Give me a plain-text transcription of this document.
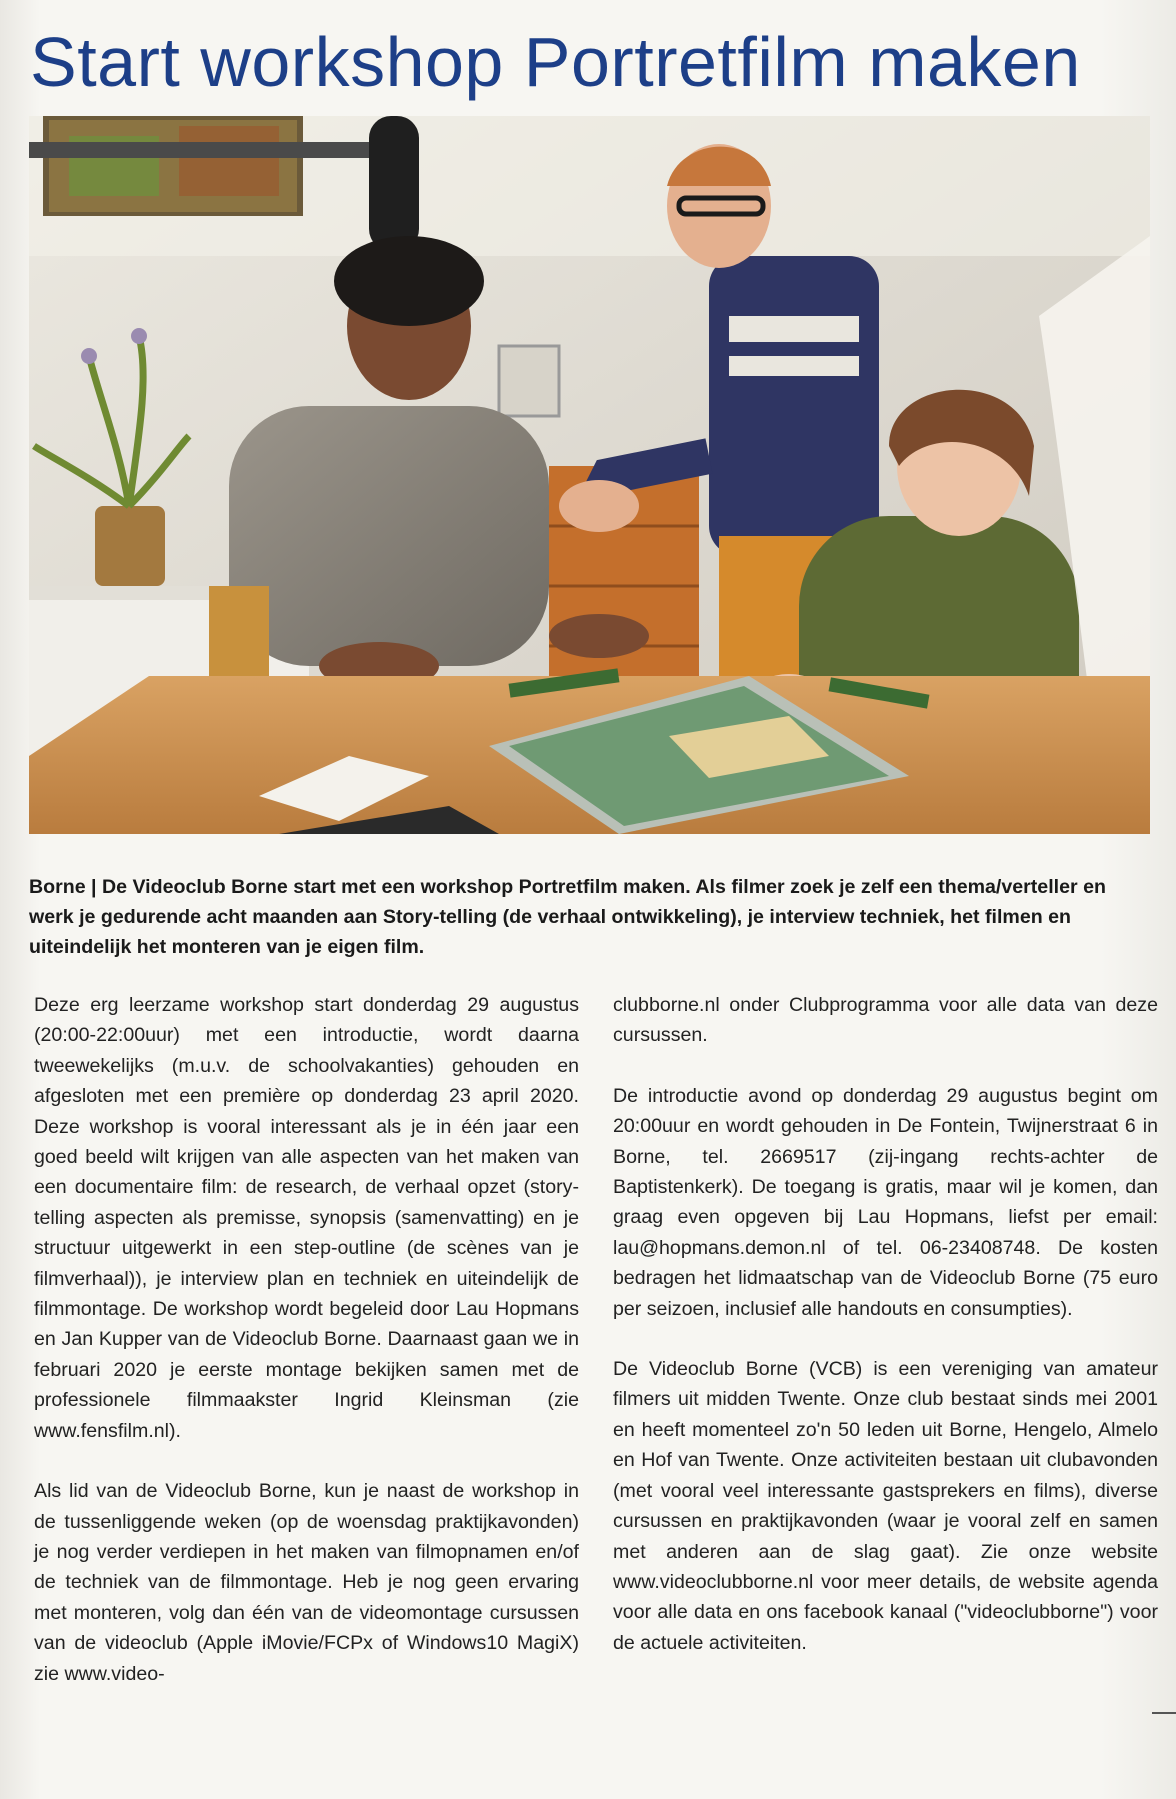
Start workshop Portretfilm maken

Borne | De Videoclub Borne start met een workshop Portretfilm maken. Als filmer zoek je zelf een thema/verteller en werk je gedurende acht maanden aan Story-telling (de verhaal ontwikkeling), je interview techniek, het filmen en uiteindelijk het monteren van je eigen film.

Deze erg leerzame workshop start donderdag 29 augustus (20:00-22:00uur) met een introductie, wordt daarna tweewekelijks (m.u.v. de schoolvakanties) gehouden en afgesloten met een première op donderdag 23 april 2020. Deze workshop is vooral interessant als je in één jaar een goed beeld wilt krijgen van alle aspecten van het maken van een documentaire film: de research, de verhaal opzet (story-telling aspecten als premisse, synopsis (samenvatting) en je structuur uitgewerkt in een step-outline (de scènes van je filmverhaal)), je interview plan en techniek en uiteindelijk de filmmontage. De workshop wordt begeleid door Lau Hopmans en Jan Kupper van de Videoclub Borne. Daarnaast gaan we in februari 2020 je eerste montage bekijken samen met de professionele filmmaakster Ingrid Kleinsman (zie www.fensfilm.nl).

Als lid van de Videoclub Borne, kun je naast de workshop in de tussenliggende weken (op de woensdag praktijkavonden) je nog verder verdiepen in het maken van filmopnamen en/of de techniek van de filmmontage. Heb je nog geen ervaring met monteren, volg dan één van de videomontage cursussen van de videoclub (Apple iMovie/FCPx of Windows10 MagiX) zie www.video-

clubborne.nl onder Clubprogramma voor alle data van deze cursussen.

De introductie avond op donderdag 29 augustus begint om 20:00uur en wordt gehouden in De Fontein, Twijnerstraat 6 in Borne, tel. 2669517 (zij-ingang rechts-achter de Baptistenkerk). De toegang is gratis, maar wil je komen, dan graag even opgeven bij Lau Hopmans, liefst per email: lau@hopmans.demon.nl of tel. 06-23408748. De kosten bedragen het lidmaatschap van de Videoclub Borne (75 euro per seizoen, inclusief alle handouts en consumpties).

De Videoclub Borne (VCB) is een vereniging van amateur filmers uit midden Twente. Onze club bestaat sinds mei 2001 en heeft momenteel zo'n 50 leden uit Borne, Hengelo, Almelo en Hof van Twente. Onze activiteiten bestaan uit clubavonden (met vooral veel interessante gastsprekers en films), diverse cursussen en praktijkavonden (waar je vooral zelf en samen met anderen aan de slag gaat). Zie onze website www.videoclubborne.nl voor meer details, de website agenda voor alle data en ons facebook kanaal ("videoclubborne") voor de actuele activiteiten.
